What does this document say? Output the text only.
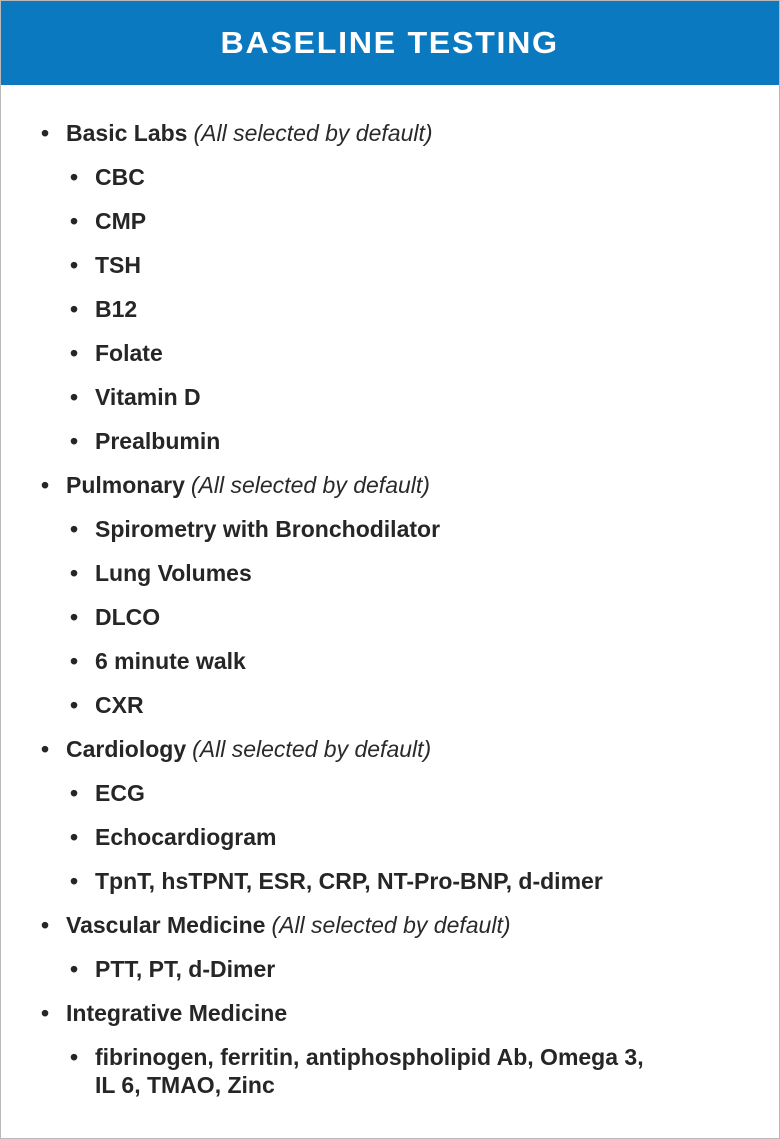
BASELINE TESTING
• Basic Labs (All selected by default)
• CBC
• CMP
• TSH
• B12
• Folate
• Vitamin D
• Prealbumin
• Pulmonary (All selected by default)
• Spirometry with Bronchodilator
• Lung Volumes
• DLCO
• 6 minute walk
• CXR
• Cardiology (All selected by default)
• ECG
• Echocardiogram
• TpnT, hsTPNT, ESR, CRP, NT-Pro-BNP, d-dimer
• Vascular Medicine (All selected by default)
• PTT, PT, d-Dimer
• Integrative Medicine
• fibrinogen, ferritin, antiphospholipid Ab, Omega 3,
IL 6, TMAO, Zinc
